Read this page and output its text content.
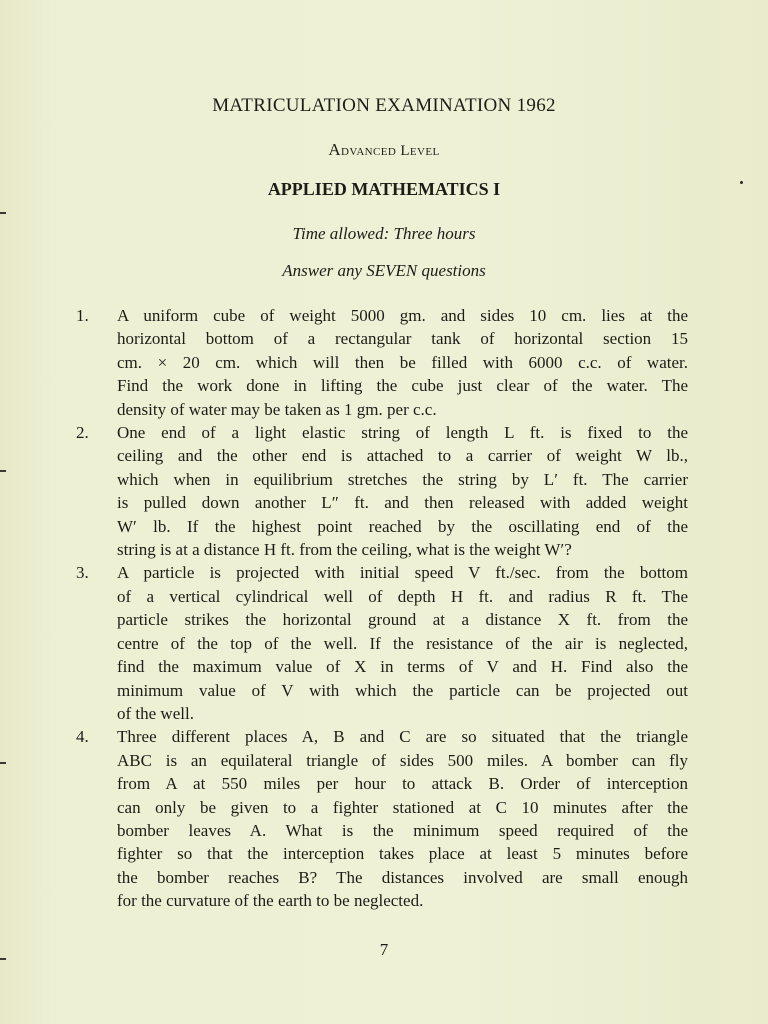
MATRICULATION EXAMINATION 1962
Advanced Level
APPLIED MATHEMATICS I
Time allowed: Three hours
Answer any SEVEN questions
1. A uniform cube of weight 5000 gm. and sides 10 cm. lies at the
horizontal bottom of a rectangular tank of horizontal section 15
cm. × 20 cm. which will then be filled with 6000 c.c. of water.
Find the work done in lifting the cube just clear of the water. The
density of water may be taken as 1 gm. per c.c.
2. One end of a light elastic string of length L ft. is fixed to the
ceiling and the other end is attached to a carrier of weight W lb.,
which when in equilibrium stretches the string by L′ ft. The carrier
is pulled down another L″ ft. and then released with added weight
W′ lb. If the highest point reached by the oscillating end of the
string is at a distance H ft. from the ceiling, what is the weight W′?
3. A particle is projected with initial speed V ft./sec. from the bottom
of a vertical cylindrical well of depth H ft. and radius R ft. The
particle strikes the horizontal ground at a distance X ft. from the
centre of the top of the well. If the resistance of the air is neglected,
find the maximum value of X in terms of V and H. Find also the
minimum value of V with which the particle can be projected out
of the well.
4. Three different places A, B and C are so situated that the triangle
ABC is an equilateral triangle of sides 500 miles. A bomber can fly
from A at 550 miles per hour to attack B. Order of interception
can only be given to a fighter stationed at C 10 minutes after the
bomber leaves A. What is the minimum speed required of the
fighter so that the interception takes place at least 5 minutes before
the bomber reaches B? The distances involved are small enough
for the curvature of the earth to be neglected.
7
